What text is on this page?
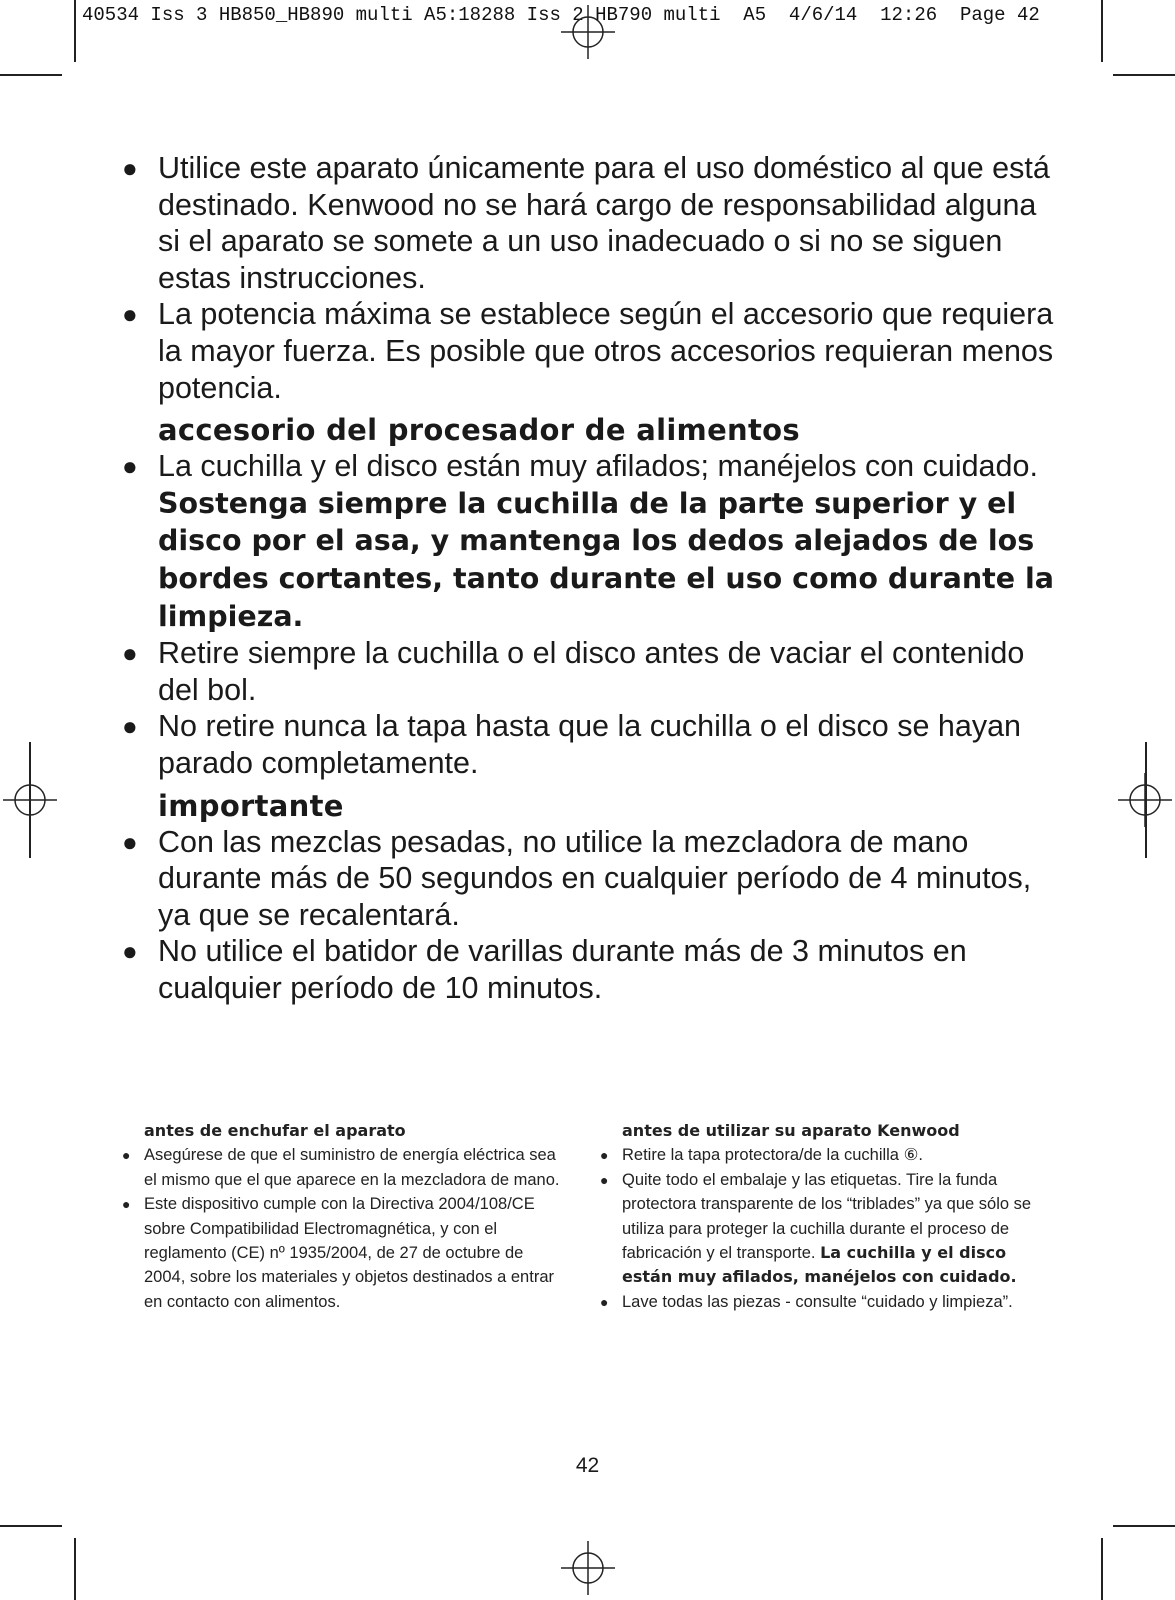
40534 Iss 3 HB850_HB890 multi A5:18288 Iss 2 HB790 multi  A5  4/6/14  12:26  Page 42
● Utilice este aparato únicamente para el uso doméstico al que está destinado. Kenwood no se hará cargo de responsabilidad alguna si el aparato se somete a un uso inadecuado o si no se siguen estas instrucciones.
● La potencia máxima se establece según el accesorio que requiera la mayor fuerza. Es posible que otros accesorios requieran menos potencia.
accesorio del procesador de alimentos
● La cuchilla y el disco están muy afilados; manéjelos con cuidado. Sostenga siempre la cuchilla de la parte superior y el disco por el asa, y mantenga los dedos alejados de los bordes cortantes, tanto durante el uso como durante la limpieza.
● Retire siempre la cuchilla o el disco antes de vaciar el contenido del bol.
● No retire nunca la tapa hasta que la cuchilla o el disco se hayan parado completamente.
importante
● Con las mezclas pesadas, no utilice la mezcladora de mano durante más de 50 segundos en cualquier período de 4 minutos, ya que se recalentará.
● No utilice el batidor de varillas durante más de 3 minutos en cualquier período de 10 minutos.
antes de enchufar el aparato
● Asegúrese de que el suministro de energía eléctrica sea el mismo que el que aparece en la mezcladora de mano.
● Este dispositivo cumple con la Directiva 2004/108/CE sobre Compatibilidad Electromagnética, y con el reglamento (CE) nº 1935/2004, de 27 de octubre de 2004, sobre los materiales y objetos destinados a entrar en contacto con alimentos.
antes de utilizar su aparato Kenwood
● Retire la tapa protectora/de la cuchilla ⑥.
● Quite todo el embalaje y las etiquetas. Tire la funda protectora transparente de los “triblades” ya que sólo se utiliza para proteger la cuchilla durante el proceso de fabricación y el transporte. La cuchilla y el disco están muy afilados, manéjelos con cuidado.
● Lave todas las piezas - consulte “cuidado y limpieza”.
42
